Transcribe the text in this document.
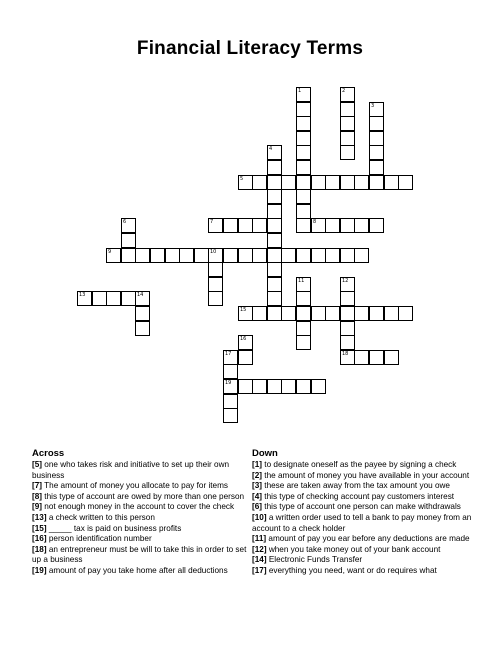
Financial Literacy Terms
1	2
3
4
5
6	7	8
9	10
11	12
13	14
15
16
17
19
18
Across

[5] one who takes risk and initiative to set up their own business

[7] The amount of money you allocate to pay for items

[8] this type of account are owed by more than one person

[9] not enough money in the account to cover the check

[13] a check written to this person

[15] _____ tax is paid on business profits

[16] person identification number

[18] an entrepreneur must be will to take this in order to set up a business

[19] amount of pay you take home after all deductions

Down

[1] to designate oneself as the payee by signing a check

[2] the amount of money you have available in your account

[3] these are taken away from the tax amount you owe

[4] this type of checking account pay customers interest

[6] this type of account one person can make withdrawals

[10] a written order used to tell a bank to pay money from an account to a check holder

[11] amount of pay you ear before any deductions are made

[12] when you take money out of your bank account

[14] Electronic Funds Transfer

[17] everything you need, want or do requires what
